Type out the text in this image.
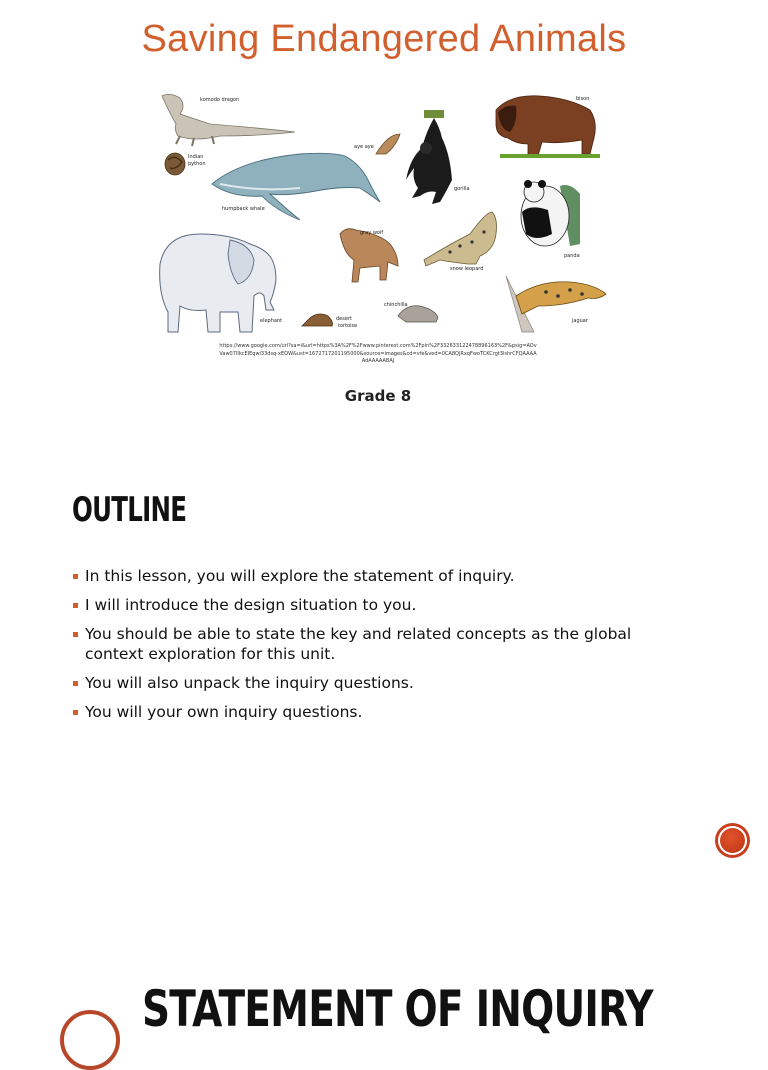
Saving Endangered Animals
komodo dragon
Indian python
humpback whale
aye aye
gorilla
bison
panda
gray wolf
snow leopard
elephant	desert tortoise
chinchilla
jaguar
https://www.google.com/url?sa=i&url=https%3A%2F%2Fwww.pinterest.com%2Fpin%2F332633122478896163%2F&psig=AOvVaw07IIkcEIEqwi33dsq-xEOW&ust=1672717201195000&source=images&cd=vfe&ved=0CA8QjRxqFwoTCKCrgt3lshrCFQAAAAAdAAAAABAJ
Grade 8
OUTLINE
In this lesson, you will explore the statement of inquiry.
I will introduce the design situation to you.
You should be able to state the key and related concepts as the global context exploration for this unit.
You will also unpack the inquiry questions.
You will your own inquiry questions.
STATEMENT OF INQUIRY
